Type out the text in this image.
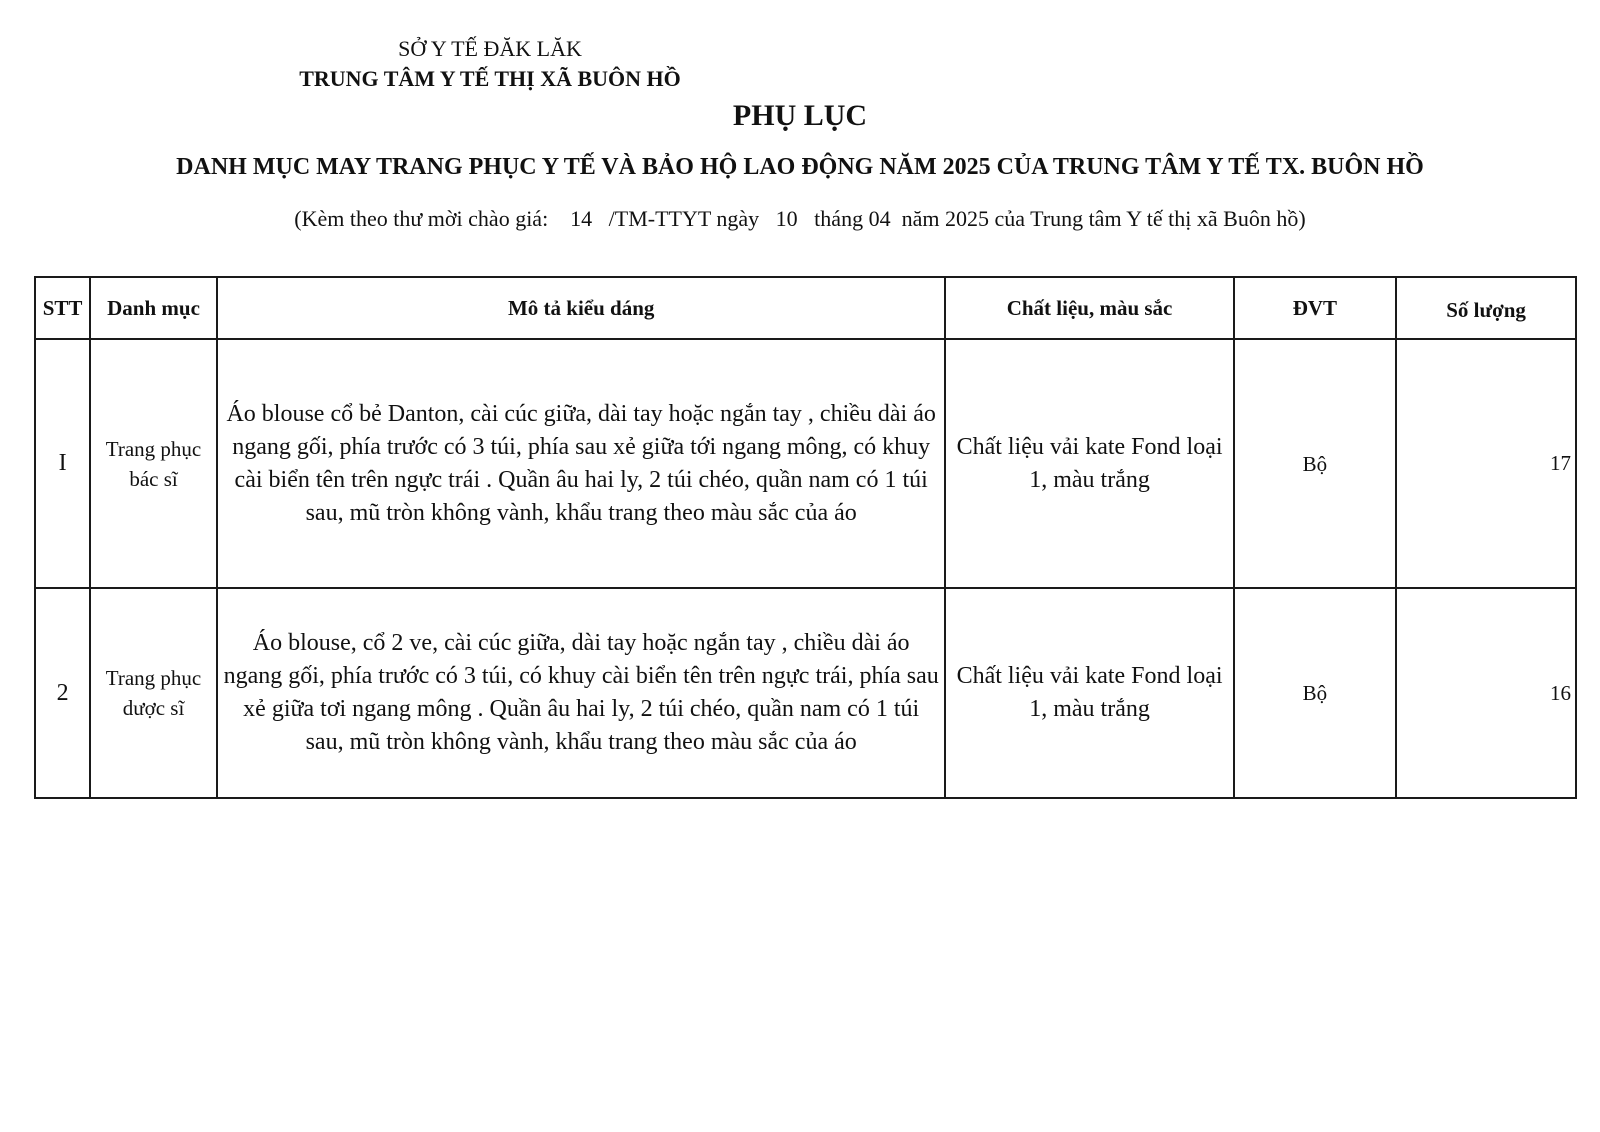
SỞ Y TẾ ĐĂK LĂK
TRUNG TÂM Y TẾ THỊ XÃ BUÔN HỒ
PHỤ LỤC
DANH MỤC MAY TRANG PHỤC Y TẾ VÀ BẢO HỘ LAO ĐỘNG NĂM 2025 CỦA TRUNG TÂM Y TẾ TX. BUÔN HỒ
(Kèm theo thư mời chào giá:    14   /TM-TTYT ngày   10   tháng 04  năm 2025 của Trung tâm Y tế thị xã Buôn hồ)
STT	Danh mục	Mô tả kiểu dáng	Chất liệu, màu sắc	ĐVT	Số lượng

I	Trang phục bác sĩ	Áo blouse cổ bẻ Danton, cài cúc giữa, dài tay hoặc ngắn tay , chiều dài áo ngang gối, phía trước có 3 túi, phía sau xẻ giữa tới ngang mông, có khuy cài biển tên trên ngực trái . Quần âu hai ly, 2 túi chéo, quần nam có 1 túi sau, mũ tròn không vành, khẩu trang theo màu sắc của áo	Chất liệu vải kate Fond loại 1, màu trắng	Bộ	17
2	Trang phục dược sĩ	Áo blouse, cổ 2 ve, cài cúc giữa, dài tay hoặc ngắn tay , chiều dài áo ngang gối, phía trước có 3 túi, có khuy cài biển tên trên ngực trái, phía sau xẻ giữa tơi ngang mông . Quần âu hai ly, 2 túi chéo, quần nam có 1 túi sau, mũ tròn không vành, khẩu trang theo màu sắc của áo	Chất liệu vải kate Fond loại 1, màu trắng	Bộ	16
